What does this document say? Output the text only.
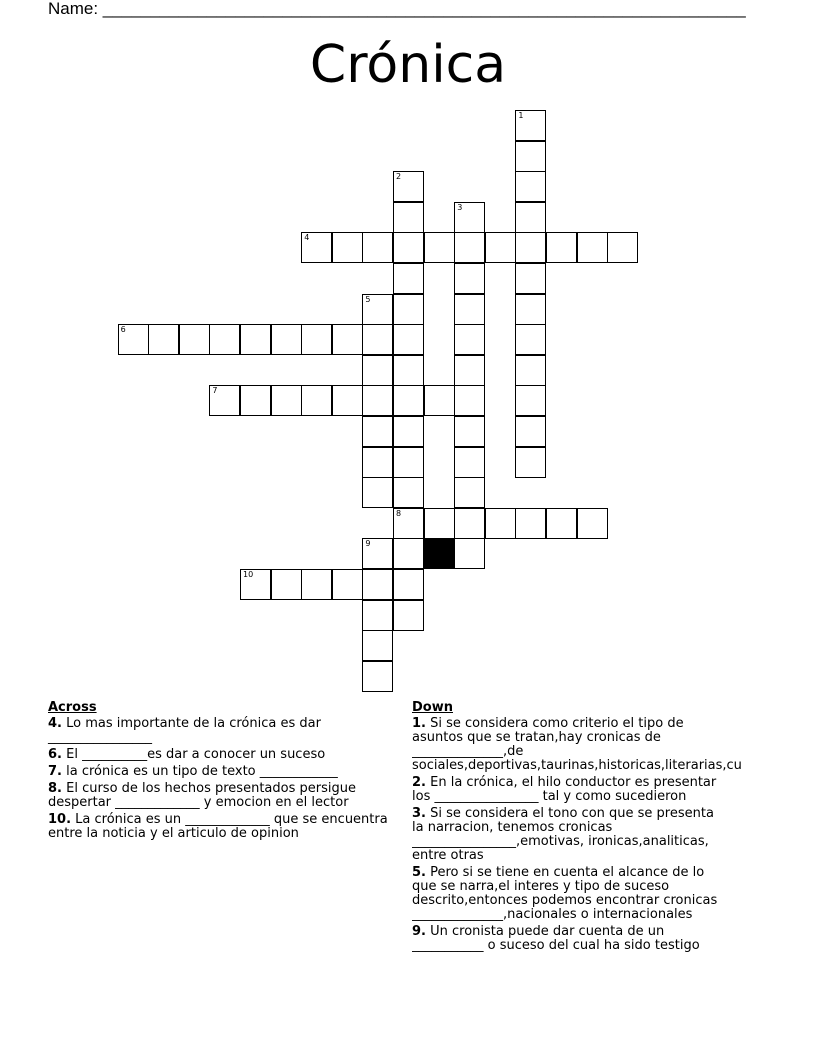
Name: ____________________________________________________________________
Crónica
1
2
8
3
4
5
6
7
9
10
Across
4. Lo mas importante de la crónica es dar ________________
6. El __________es dar a conocer un suceso
7. la crónica es un tipo de texto ____________
8. El curso de los hechos presentados persigue despertar _____________ y emocion en el lector
10. La crónica es un _____________ que se encuentra entre la noticia y el articulo de opinion
Down
1. Si se considera como criterio el tipo de
asuntos que se tratan,hay cronicas de
______________,de
sociales,deportivas,taurinas,historicas,literarias,cu
2. En la crónica, el hilo conductor es presentar
los ________________ tal y como sucedieron
3. Si se considera el tono con que se presenta
la narracion, tenemos cronicas
________________,emotivas, ironicas,analiticas,
entre otras
5. Pero si se tiene en cuenta el alcance de lo
que se narra,el interes y tipo de suceso
descrito,entonces podemos encontrar cronicas
______________,nacionales o internacionales
9. Un cronista puede dar cuenta de un
___________ o suceso del cual ha sido testigo
